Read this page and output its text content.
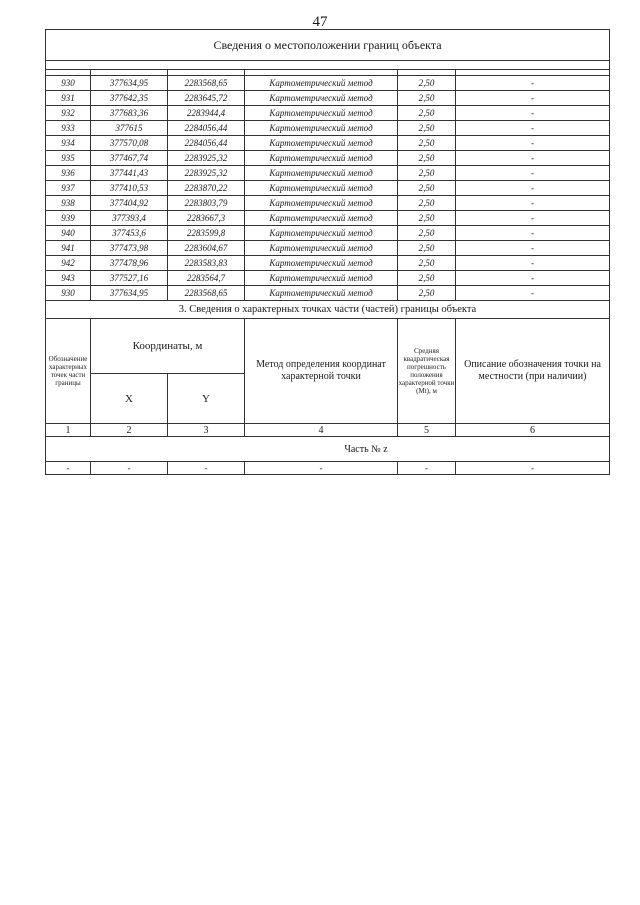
47
Сведения о местоположении границ объекта					

930	377634,95	2283568,65	Картометрический метод	2,50	-
931	377642,35	2283645,72	Картометрический метод	2,50	-
932	377683,36	2283944,4	Картометрический метод	2,50	-
933	377615	2284056,44	Картометрический метод	2,50	-
934	377570,08	2284056,44	Картометрический метод	2,50	-
935	377467,74	2283925,32	Картометрический метод	2,50	-
936	377441,43	2283925,32	Картометрический метод	2,50	-
937	377410,53	2283870,22	Картометрический метод	2,50	-
938	377404,92	2283803,79	Картометрический метод	2,50	-
939	377393,4	2283667,3	Картометрический метод	2,50	-
940	377453,6	2283599,8	Картометрический метод	2,50	-
941	377473,98	2283604,67	Картометрический метод	2,50	-
942	377478,96	2283583,83	Картометрический метод	2,50	-
943	377527,16	2283564,7	Картометрический метод	2,50	-
930	377634,95	2283568,65	Картометрический метод	2,50	-
3. Сведения о характерных точках части (частей) границы объекта					
Обозначение характерных точек части границы	Координаты, м		Метод определения координат характерной точки	Средняя квадратическая погрешность положения характерной точки (Mt), м	Описание обозначения точки на местности (при наличии)
	X	Y			
1	2	3	4	5	6
Часть № z					
-	-	-	-	-	-
